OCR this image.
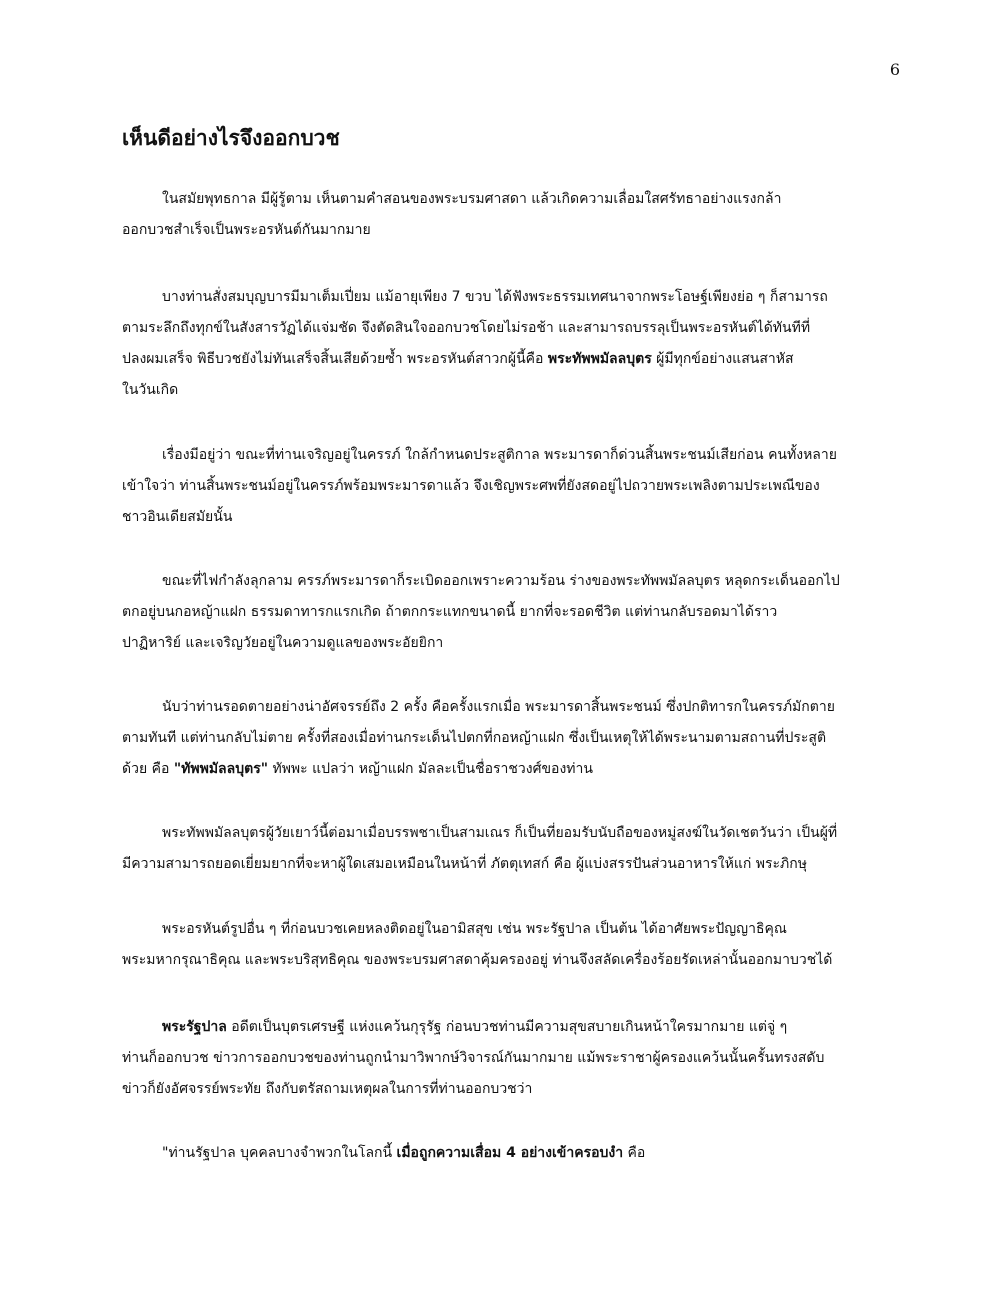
6
เห็นดีอย่างไรจึงออกบวช
ในสมัยพุทธกาล มีผู้รู้ตาม เห็นตามคำสอนของพระบรมศาสดา แล้วเกิดความเลื่อมใสศรัทธาอย่างแรงกล้า
ออกบวชสำเร็จเป็นพระอรหันต์กันมากมาย
บางท่านสั่งสมบุญบารมีมาเต็มเปี่ยม แม้อายุเพียง 7 ขวบ ได้ฟังพระธรรมเทศนาจากพระโอษฐ์เพียงย่อ ๆ ก็สามารถ
ตามระลึกถึงทุกข์ในสังสารวัฏได้แจ่มชัด จึงตัดสินใจออกบวชโดยไม่รอช้า และสามารถบรรลุเป็นพระอรหันต์ได้ทันทีที่
ปลงผมเสร็จ พิธีบวชยังไม่ทันเสร็จสิ้นเสียด้วยซ้ำ พระอรหันต์สาวกผู้นี้คือ พระทัพพมัลลบุตร ผู้มีทุกข์อย่างแสนสาหัส
ในวันเกิด
เรื่องมีอยู่ว่า ขณะที่ท่านเจริญอยู่ในครรภ์ ใกล้กำหนดประสูติกาล พระมารดาก็ด่วนสิ้นพระชนม์เสียก่อน คนทั้งหลาย
เข้าใจว่า ท่านสิ้นพระชนม์อยู่ในครรภ์พร้อมพระมารดาแล้ว จึงเชิญพระศพที่ยังสดอยู่ไปถวายพระเพลิงตามประเพณีของ
ชาวอินเดียสมัยนั้น
ขณะที่ไฟกำลังลุกลาม ครรภ์พระมารดาก็ระเบิดออกเพราะความร้อน ร่างของพระทัพพมัลลบุตร หลุดกระเด็นออกไป
ตกอยู่บนกอหญ้าแฝก ธรรมดาทารกแรกเกิด ถ้าตกกระแทกขนาดนี้ ยากที่จะรอดชีวิต แต่ท่านกลับรอดมาได้ราว
ปาฏิหาริย์ และเจริญวัยอยู่ในความดูแลของพระอัยยิกา
นับว่าท่านรอดตายอย่างน่าอัศจรรย์ถึง 2 ครั้ง คือครั้งแรกเมื่อ พระมารดาสิ้นพระชนม์ ซึ่งปกติทารกในครรภ์มักตาย
ตามทันที แต่ท่านกลับไม่ตาย ครั้งที่สองเมื่อท่านกระเด็นไปตกที่กอหญ้าแฝก ซึ่งเป็นเหตุให้ได้พระนามตามสถานที่ประสูติ
ด้วย คือ "ทัพพมัลลบุตร" ทัพพะ แปลว่า หญ้าแฝก มัลละเป็นชื่อราชวงศ์ของท่าน
พระทัพพมัลลบุตรผู้วัยเยาว์นี้ต่อมาเมื่อบรรพชาเป็นสามเณร ก็เป็นที่ยอมรับนับถือของหมู่สงฆ์ในวัดเชตวันว่า เป็นผู้ที่
มีความสามารถยอดเยี่ยมยากที่จะหาผู้ใดเสมอเหมือนในหน้าที่ ภัตตุเทสก์ คือ ผู้แบ่งสรรปันส่วนอาหารให้แก่ พระภิกษุ
พระอรหันต์รูปอื่น ๆ ที่ก่อนบวชเคยหลงติดอยู่ในอามิสสุข เช่น พระรัฐปาล เป็นต้น ได้อาศัยพระปัญญาธิคุณ
พระมหากรุณาธิคุณ และพระบริสุทธิคุณ ของพระบรมศาสดาคุ้มครองอยู่ ท่านจึงสลัดเครื่องร้อยรัดเหล่านั้นออกมาบวชได้
พระรัฐปาล อดีตเป็นบุตรเศรษฐี แห่งแคว้นกุรุรัฐ ก่อนบวชท่านมีความสุขสบายเกินหน้าใครมากมาย แต่จู่ ๆ
ท่านก็ออกบวช ข่าวการออกบวชของท่านถูกนำมาวิพากษ์วิจารณ์กันมากมาย แม้พระราชาผู้ครองแคว้นนั้นครั้นทรงสดับ
ข่าวก็ยังอัศจรรย์พระทัย ถึงกับตรัสถามเหตุผลในการที่ท่านออกบวชว่า
"ท่านรัฐปาล บุคคลบางจำพวกในโลกนี้ เมื่อถูกความเสื่อม 4 อย่างเข้าครอบงำ คือ
